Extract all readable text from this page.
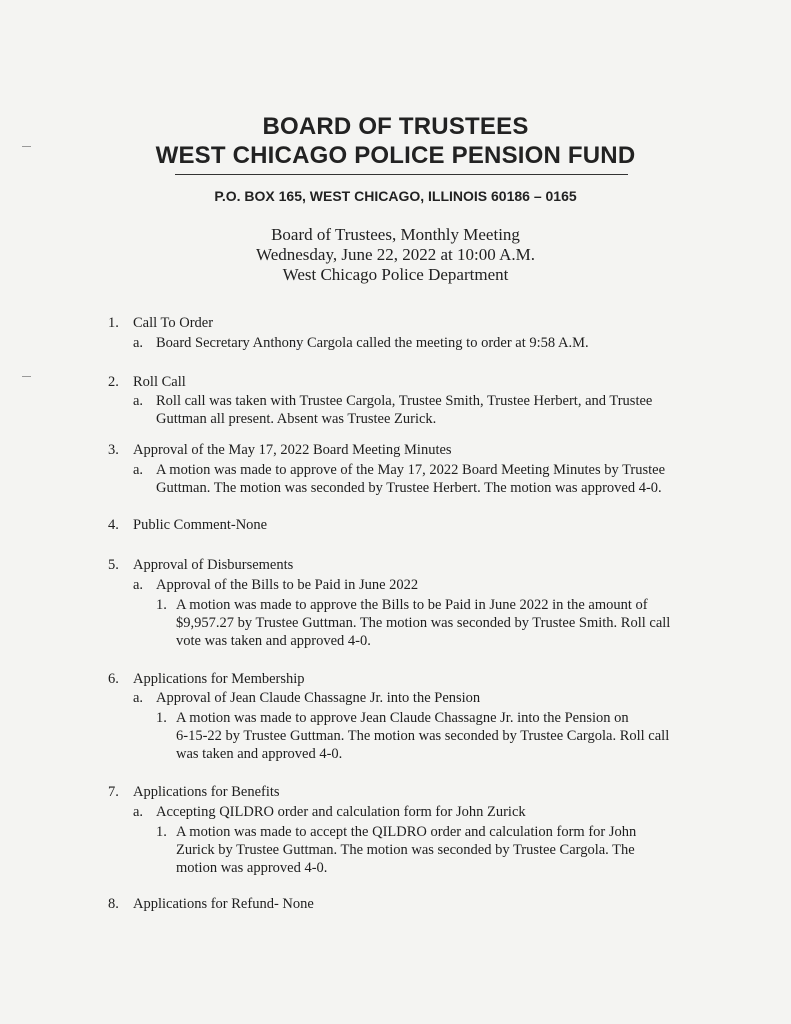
BOARD OF TRUSTEES
WEST CHICAGO POLICE PENSION FUND
P.O. BOX 165, WEST CHICAGO, ILLINOIS 60186 – 0165
Board of Trustees, Monthly Meeting
Wednesday, June 22, 2022 at 10:00 A.M.
West Chicago Police Department
1. Call To Order
a. Board Secretary Anthony Cargola called the meeting to order at 9:58 A.M.
2. Roll Call
a. Roll call was taken with Trustee Cargola, Trustee Smith, Trustee Herbert, and Trustee
Guttman all present. Absent was Trustee Zurick.
3. Approval of the May 17, 2022 Board Meeting Minutes
a. A motion was made to approve of the May 17, 2022 Board Meeting Minutes by Trustee
Guttman. The motion was seconded by Trustee Herbert. The motion was approved 4-0.
4. Public Comment-None
5. Approval of Disbursements
a. Approval of the Bills to be Paid in June 2022
1. A motion was made to approve the Bills to be Paid in June 2022 in the amount of
$9,957.27 by Trustee Guttman. The motion was seconded by Trustee Smith. Roll call
vote was taken and approved 4-0.
6. Applications for Membership
a. Approval of Jean Claude Chassagne Jr. into the Pension
1. A motion was made to approve Jean Claude Chassagne Jr. into the Pension on
6-15-22 by Trustee Guttman. The motion was seconded by Trustee Cargola. Roll call
was taken and approved 4-0.
7. Applications for Benefits
a. Accepting QILDRO order and calculation form for John Zurick
1. A motion was made to accept the QILDRO order and calculation form for John
Zurick by Trustee Guttman. The motion was seconded by Trustee Cargola. The
motion was approved 4-0.
8. Applications for Refund- None
